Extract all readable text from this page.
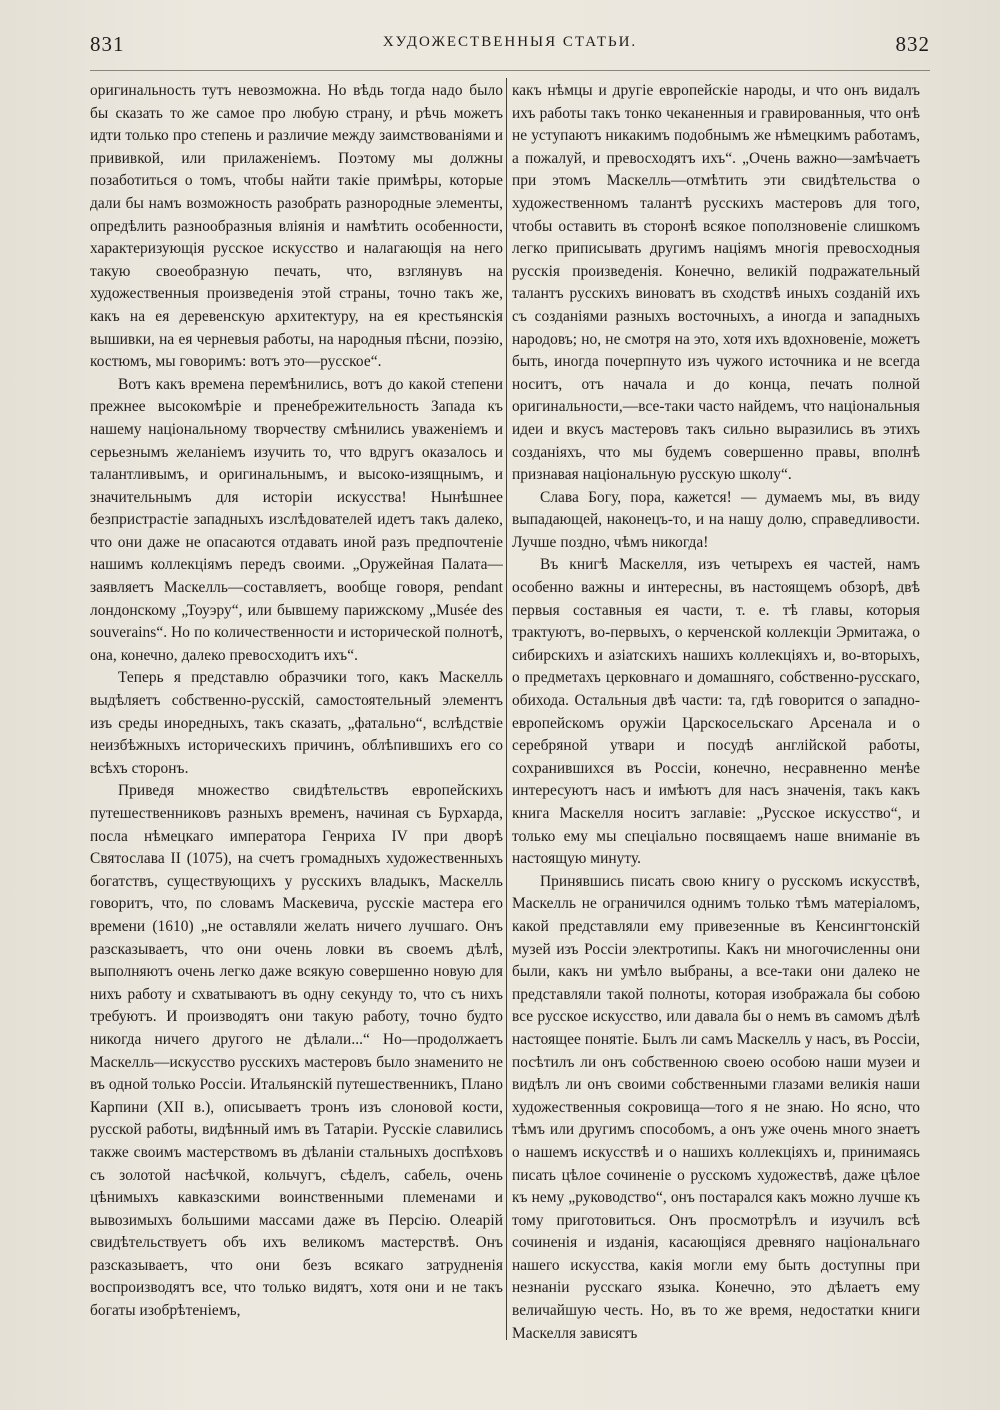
831	ХУДОЖЕСТВЕННЫЯ СТАТЬИ.	832

оригинальность тутъ невозможна. Но вѣдь тогда надо было бы сказать то же самое про любую страну, и рѣчь можетъ идти только про степень и различие между заимствованіями и прививкой, или прилаженіемъ. Поэтому мы должны позаботиться о томъ, чтобы найти такіе примѣры, которые дали бы намъ возможность разобрать разнородные элементы, опредѣлить разнообразныя вліянія и намѣтить особенности, характеризующія русское искусство и налагающія на него такую своеобразную печать, что, взглянувъ на художественныя произведенія этой страны, точно такъ же, какъ на ея деревенскую архитектуру, на ея крестьянскія вышивки, на ея черневыя работы, на народныя пѣсни, поэзію, костюмъ, мы говоримъ: вотъ это—русское“.

Вотъ какъ времена перемѣнились, вотъ до какой степени прежнее высокомѣріе и пренебрежительность Запада къ нашему національному творчеству смѣнились уваженіемъ и серьезнымъ желаніемъ изучить то, что вдругъ оказалось и талантливымъ, и оригинальнымъ, и высоко-изящнымъ, и значительнымъ для исторіи искусства! Нынѣшнее безпристрастіе западныхъ изслѣдователей идетъ такъ далеко, что они даже не опасаются отдавать иной разъ предпочтеніе нашимъ коллекціямъ передъ своими. „Оружейная Палата—заявляетъ Маскелль—составляетъ, вообще говоря, pendant лондонскому „Тоуэру“, или бывшему парижскому „Musée des souverains“. Но по количественности и исторической полнотѣ, она, конечно, далеко превосходитъ ихъ“.

Теперь я представлю образчики того, какъ Маскелль выдѣляетъ собственно-русскій, самостоятельный элементъ изъ среды иноредныхъ, такъ сказать, „фатально“, вслѣдствіе неизбѣжныхъ историческихъ причинъ, облѣпившихъ его со всѣхъ сторонъ.

Приведя множество свидѣтельствъ европейскихъ путешественниковъ разныхъ временъ, начиная съ Бурхарда, посла нѣмецкаго императора Генриха IV при дворѣ Святослава II (1075), на счетъ громадныхъ художественныхъ богатствъ, существующихъ у русскихъ владыкъ, Маскелль говоритъ, что, по словамъ Маскевича, русскіе мастера его времени (1610) „не оставляли желать ничего лучшаго. Онъ разсказываетъ, что они очень ловки въ своемъ дѣлѣ, выполняютъ очень легко даже всякую совершенно новую для нихъ работу и схватываютъ въ одну секунду то, что съ нихъ требуютъ. И производятъ они такую работу, точно будто никогда ничего другого не дѣлали...“ Но—продолжаетъ Маскелль—искусство русскихъ мастеровъ было знаменито не въ одной только Россіи. Итальянскій путешественникъ, Плано Карпини (XII в.), описываетъ тронъ изъ слоновой кости, русской работы, видѣнный имъ въ Татаріи. Русскіе славились также своимъ мастерствомъ въ дѣланіи стальныхъ доспѣховъ съ золотой насѣчкой, кольчугъ, сѣделъ, сабель, очень цѣнимыхъ кавказскими воинственными племенами и вывозимыхъ большими массами даже въ Персію. Олеарій свидѣтельствуетъ объ ихъ великомъ мастерствѣ. Онъ разсказываетъ, что они безъ всякаго затрудненія воспроизводятъ все, что только видятъ, хотя они и не такъ богаты изобрѣтеніемъ,

какъ нѣмцы и другіе европейскіе народы, и что онъ видалъ ихъ работы такъ тонко чеканенныя и гравированныя, что онѣ не уступаютъ никакимъ подобнымъ же нѣмецкимъ работамъ, а пожалуй, и превосходятъ ихъ“. „Очень важно—замѣчаетъ при этомъ Маскелль—отмѣтить эти свидѣтельства о художественномъ талантѣ русскихъ мастеровъ для того, чтобы оставить въ сторонѣ всякое поползновеніе слишкомъ легко приписывать другимъ націямъ многія превосходныя русскія произведенія. Конечно, великій подражательный талантъ русскихъ виноватъ въ сходствѣ иныхъ созданій ихъ съ созданіями разныхъ восточныхъ, а иногда и западныхъ народовъ; но, не смотря на это, хотя ихъ вдохновеніе, можетъ быть, иногда почерпнуто изъ чужого источника и не всегда носитъ, отъ начала и до конца, печать полной оригинальности,—все-таки часто найдемъ, что національныя идеи и вкусъ мастеровъ такъ сильно выразились въ этихъ созданіяхъ, что мы будемъ совершенно правы, вполнѣ признавая національную русскую школу“.

Слава Богу, пора, кажется! — думаемъ мы, въ виду выпадающей, наконецъ-то, и на нашу долю, справедливости. Лучше поздно, чѣмъ никогда!

Въ книгѣ Маскелля, изъ четырехъ ея частей, намъ особенно важны и интересны, въ настоящемъ обзорѣ, двѣ первыя составныя ея части, т. е. тѣ главы, которыя трактуютъ, во-первыхъ, о керченской коллекціи Эрмитажа, о сибирскихъ и азіатскихъ нашихъ коллекціяхъ и, во-вторыхъ, о предметахъ церковнаго и домашняго, собственно-русскаго, обихода. Остальныя двѣ части: та, гдѣ говорится о западно-европейскомъ оружіи Царскосельскаго Арсенала и о серебряной утвари и посудѣ англійской работы, сохранившихся въ Россіи, конечно, несравненно менѣе интересуютъ насъ и имѣютъ для насъ значенія, такъ какъ книга Маскелля носитъ заглавіе: „Русское искусство“, и только ему мы спеціально посвящаемъ наше вниманіе въ настоящую минуту.

Принявшись писать свою книгу о русскомъ искусствѣ, Маскелль не ограничился однимъ только тѣмъ матеріаломъ, какой представляли ему привезенные въ Кенсингтонскій музей изъ Россіи электротипы. Какъ ни многочисленны они были, какъ ни умѣло выбраны, а все-таки они далеко не представляли такой полноты, которая изображала бы собою все русское искусство, или давала бы о немъ въ самомъ дѣлѣ настоящее понятіе. Былъ ли самъ Маскелль у насъ, въ Россіи, посѣтилъ ли онъ собственною своею особою наши музеи и видѣлъ ли онъ своими собственными глазами великія наши художественныя сокровища—того я не знаю. Но ясно, что тѣмъ или другимъ способомъ, а онъ уже очень много знаетъ о нашемъ искусствѣ и о нашихъ коллекціяхъ и, принимаясь писать цѣлое сочиненіе о русскомъ художествѣ, даже цѣлое къ нему „руководство“, онъ постарался какъ можно лучше къ тому приготовиться. Онъ просмотрѣлъ и изучилъ всѣ сочиненія и изданія, касающіяся древняго національнаго нашего искусства, какія могли ему быть доступны при незнаніи русскаго языка. Конечно, это дѣлаетъ ему величайшую честь. Но, въ то же время, недостатки книги Маскелля зависятъ
